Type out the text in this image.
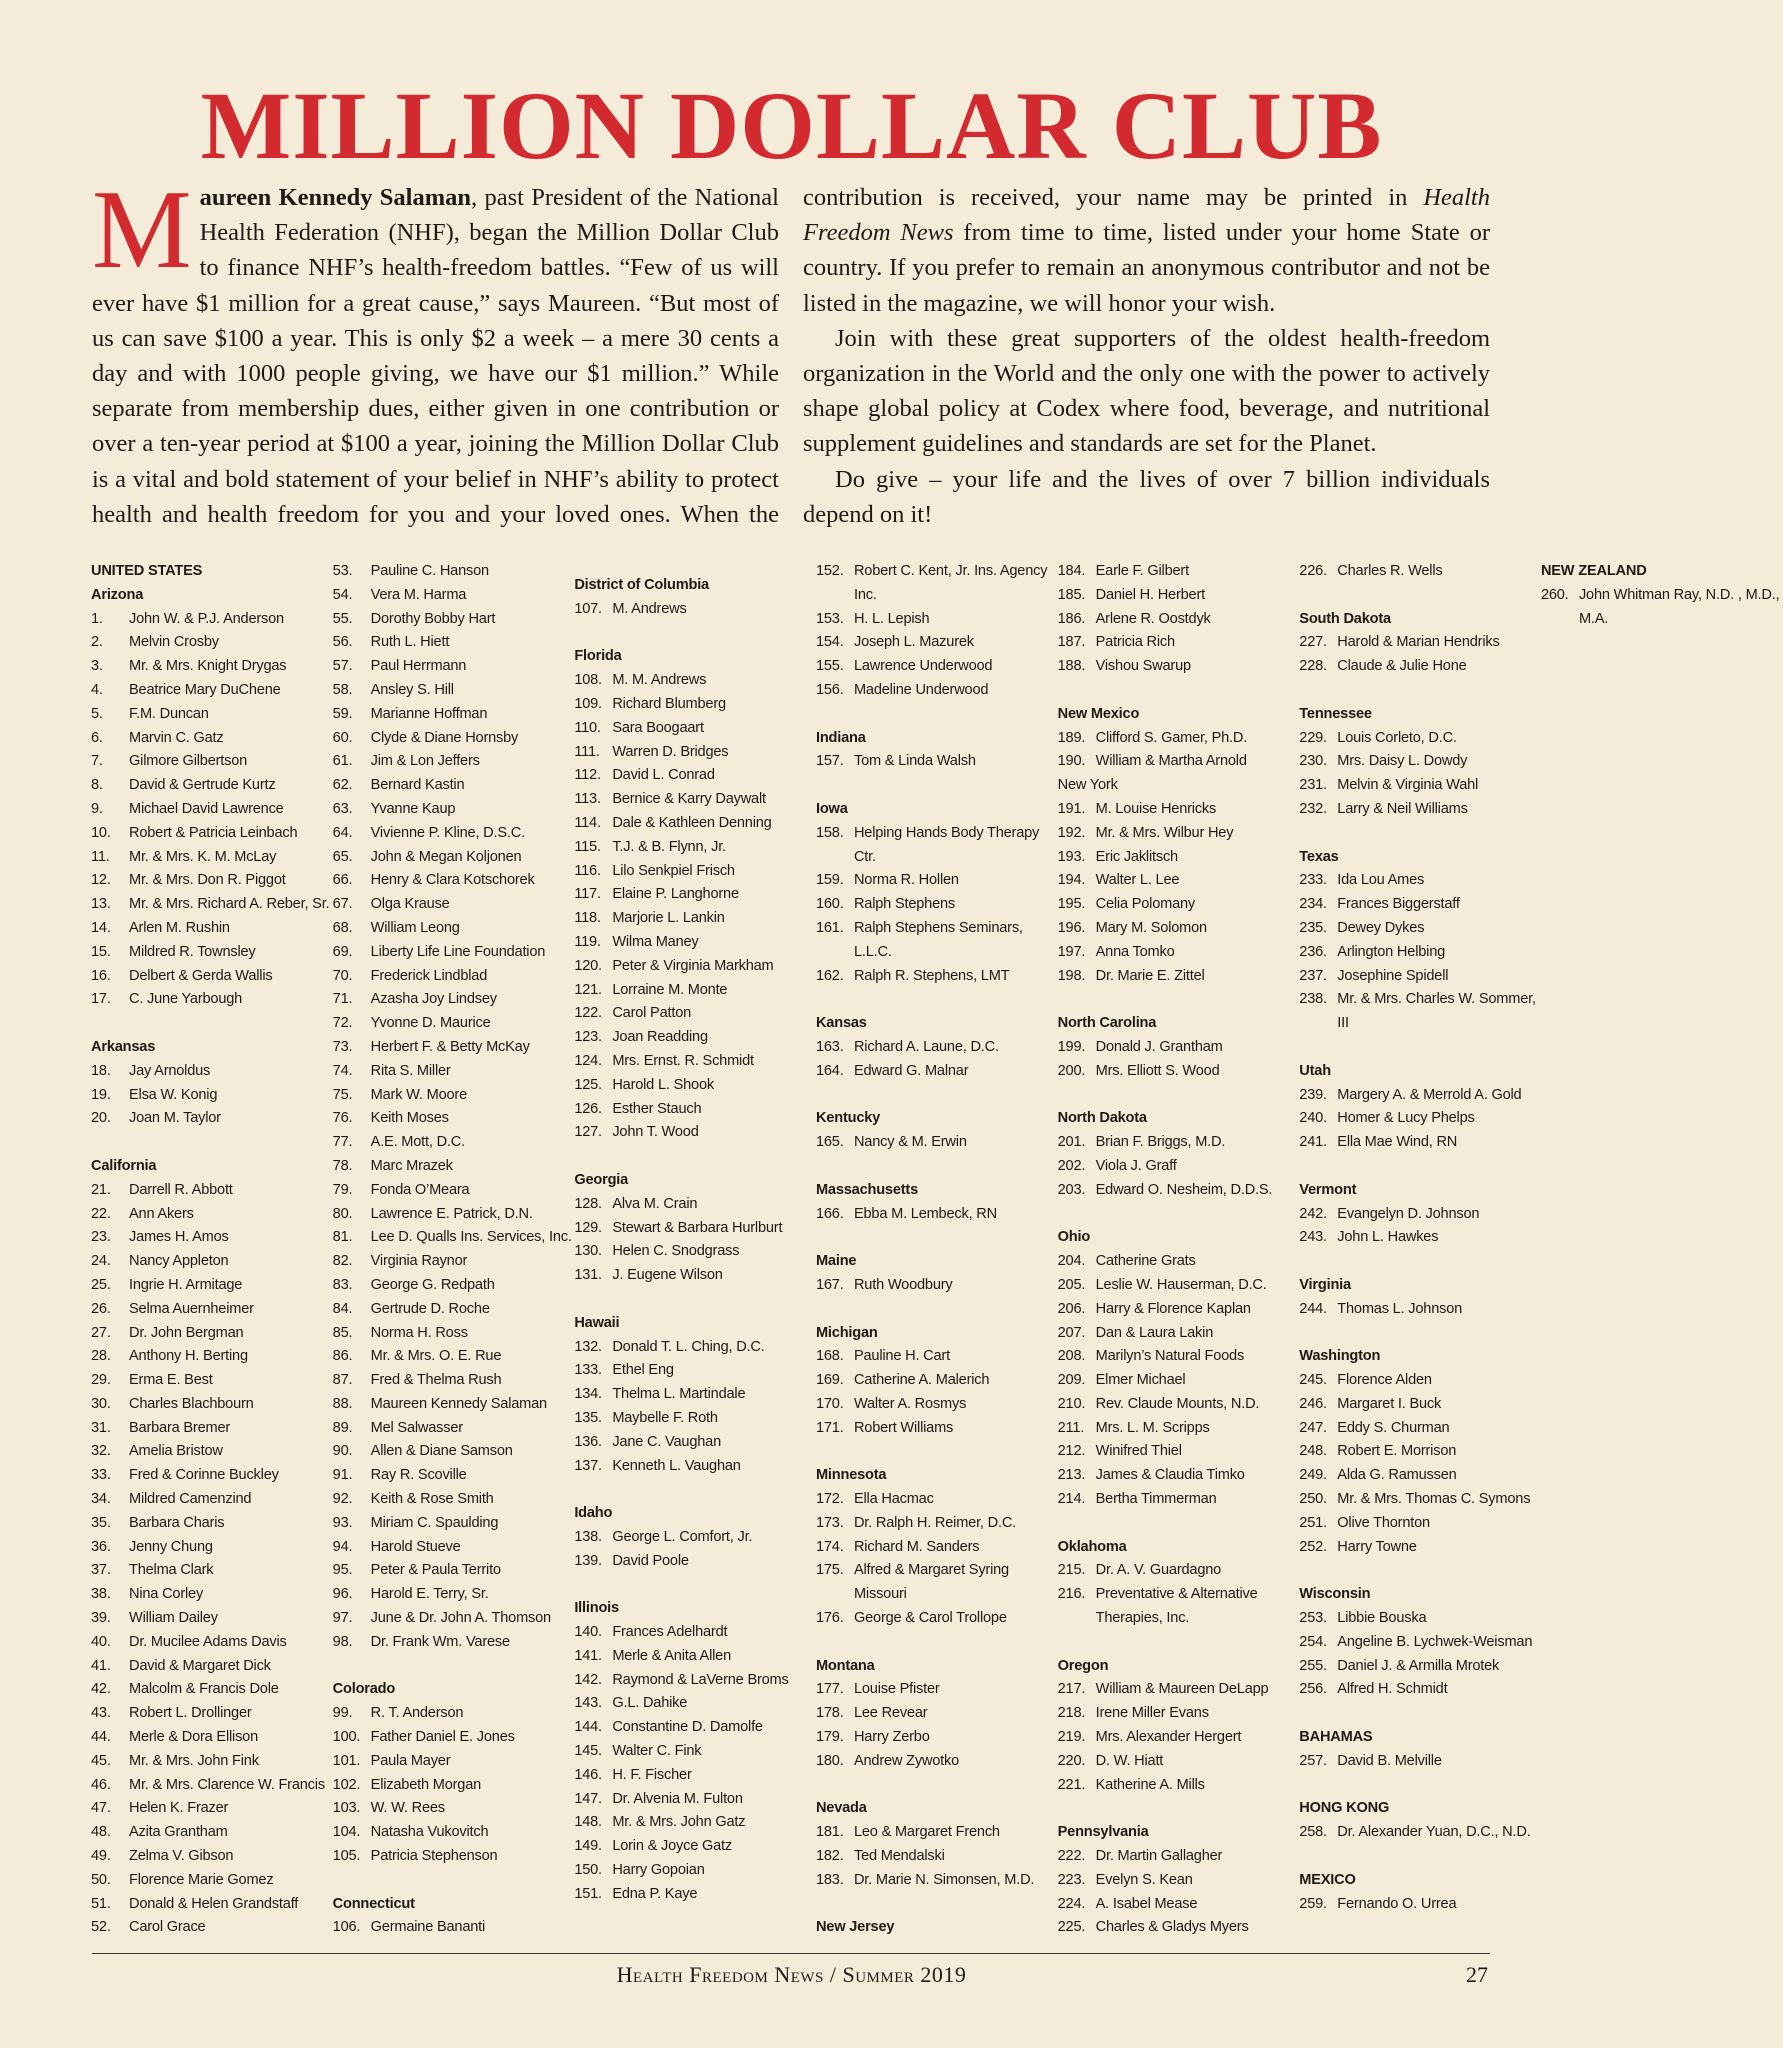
MILLION DOLLAR CLUB

Maureen Kennedy Salaman, past President of the National Health Federation (NHF), began the Million Dollar Club to finance NHF’s health-freedom battles. “Few of us will ever have $1 million for a great cause,” says Maureen. “But most of us can save $100 a year. This is only $2 a week – a mere 30 cents a day and with 1000 people giving, we have our $1 million.” While separate from membership dues, either given in one contribution or over a ten-year period at $100 a year, joining the Million Dollar Club is a vital and bold statement of your belief in NHF’s ability to protect health and health freedom for you and your loved ones. When the contribution is received, your name may be printed in Health Freedom News from time to time, listed under your home State or country. If you prefer to remain an anonymous contributor and not be listed in the magazine, we will honor your wish.

Join with these great supporters of the oldest health-freedom organization in the World and the only one with the power to actively shape global policy at Codex where food, beverage, and nutritional supplement guidelines and standards are set for the Planet.

Do give – your life and the lives of over 7 billion individuals depend on it!

UNITED STATES
Arizona
1.	John W. & P.J. Anderson
2.	Melvin Crosby
3.	Mr. & Mrs. Knight Drygas
4.	Beatrice Mary DuChene
5.	F.M. Duncan
6.	Marvin C. Gatz
7.	Gilmore Gilbertson
8.	David & Gertrude Kurtz
9.	Michael David Lawrence
10.	Robert & Patricia Leinbach
11.	Mr. & Mrs. K. M. McLay
12.	Mr. & Mrs. Don R. Piggot
13.	Mr. & Mrs. Richard A. Reber, Sr.
14.	Arlen M. Rushin
15.	Mildred R. Townsley
16.	Delbert & Gerda Wallis
17.	C. June Yarbough
Arkansas
18.	Jay Arnoldus
19.	Elsa W. Konig
20.	Joan M. Taylor
California
21.	Darrell R. Abbott
22.	Ann Akers
23.	James H. Amos
24.	Nancy Appleton
25.	Ingrie H. Armitage
26.	Selma Auernheimer
27.	Dr. John Bergman
28.	Anthony H. Berting
29.	Erma E. Best
30.	Charles Blachbourn
31.	Barbara Bremer
32.	Amelia Bristow
33.	Fred & Corinne Buckley
34.	Mildred Camenzind
35.	Barbara Charis
36.	Jenny Chung
37.	Thelma Clark
38.	Nina Corley
39.	William Dailey
40.	Dr. Mucilee Adams Davis
41.	David & Margaret Dick
42.	Malcolm & Francis Dole
43.	Robert L. Drollinger
44.	Merle & Dora Ellison
45.	Mr. & Mrs. John Fink
46.	Mr. & Mrs. Clarence W. Francis
47.	Helen K. Frazer
48.	Azita Grantham
49.	Zelma V. Gibson
50.	Florence Marie Gomez
51.	Donald & Helen Grandstaff
52.	Carol Grace
53.	Pauline C. Hanson
54.	Vera M. Harma
55.	Dorothy Bobby Hart
56.	Ruth L. Hiett
57.	Paul Herrmann
58.	Ansley S. Hill
59.	Marianne Hoffman
60.	Clyde & Diane Hornsby
61.	Jim & Lon Jeffers
62.	Bernard Kastin
63.	Yvanne Kaup
64.	Vivienne P. Kline, D.S.C.
65.	John & Megan Koljonen
66.	Henry & Clara Kotschorek
67.	Olga Krause
68.	William Leong
69.	Liberty Life Line Foundation
70.	Frederick Lindblad
71.	Azasha Joy Lindsey
72.	Yvonne D. Maurice
73.	Herbert F. & Betty McKay
74.	Rita S. Miller
75.	Mark W. Moore
76.	Keith Moses
77.	A.E. Mott, D.C.
78.	Marc Mrazek
79.	Fonda O’Meara
80.	Lawrence E. Patrick, D.N.
81.	Lee D. Qualls Ins. Services, Inc.
82.	Virginia Raynor
83.	George G. Redpath
84.	Gertrude D. Roche
85.	Norma H. Ross
86.	Mr. & Mrs. O. E. Rue
87.	Fred & Thelma Rush
88.	Maureen Kennedy Salaman
89.	Mel Salwasser
90.	Allen & Diane Samson
91.	Ray R. Scoville
92.	Keith & Rose Smith
93.	Miriam C. Spaulding
94.	Harold Stueve
95.	Peter & Paula Territo
96.	Harold E. Terry, Sr.
97.	June & Dr. John A. Thomson
98.	Dr. Frank Wm. Varese
Colorado
99.	R. T. Anderson
100. Father Daniel E. Jones
101. Paula Mayer
102. Elizabeth Morgan
103. W. W. Rees
104. Natasha Vukovitch
105. Patricia Stephenson
Connecticut
106. Germaine Bananti
District of Columbia
107. M. Andrews
Florida
108. M. M. Andrews
109. Richard Blumberg
110. Sara Boogaart
111. Warren D. Bridges
112. David L. Conrad
113. Bernice & Karry Daywalt
114. Dale & Kathleen Denning
115. T.J. & B. Flynn, Jr.
116. Lilo Senkpiel Frisch
117. Elaine P. Langhorne
118. Marjorie L. Lankin
119. Wilma Maney
120. Peter & Virginia Markham
121. Lorraine M. Monte
122. Carol Patton
123. Joan Readding
124. Mrs. Ernst. R. Schmidt
125. Harold L. Shook
126. Esther Stauch
127. John T. Wood
Georgia
128. Alva M. Crain
129. Stewart & Barbara Hurlburt
130. Helen C. Snodgrass
131. J. Eugene Wilson
Hawaii
132. Donald T. L. Ching, D.C.
133. Ethel Eng
134. Thelma L. Martindale
135. Maybelle F. Roth
136. Jane C. Vaughan
137. Kenneth L. Vaughan
Idaho
138. George L. Comfort, Jr.
139. David Poole
Illinois
140. Frances Adelhardt
141. Merle & Anita Allen
142. Raymond & LaVerne Broms
143. G.L. Dahike
144. Constantine D. Damolfe
145. Walter C. Fink
146. H. F. Fischer
147. Dr. Alvenia M. Fulton
148. Mr. & Mrs. John Gatz
149. Lorin & Joyce Gatz
150. Harry Gopoian
151. Edna P. Kaye
152. Robert C. Kent, Jr. Ins. Agency Inc.
153. H. L. Lepish
154. Joseph L. Mazurek
155. Lawrence Underwood
156. Madeline Underwood
Indiana
157. Tom & Linda Walsh
Iowa
158. Helping Hands Body Therapy Ctr.
159. Norma R. Hollen
160. Ralph Stephens
161. Ralph Stephens Seminars, L.L.C.
162. Ralph R. Stephens, LMT
Kansas
163. Richard A. Laune, D.C.
164. Edward G. Malnar
Kentucky
165. Nancy & M. Erwin
Massachusetts
166. Ebba M. Lembeck, RN
Maine
167. Ruth Woodbury
Michigan
168. Pauline H. Cart
169. Catherine A. Malerich
170. Walter A. Rosmys
171. Robert Williams
Minnesota
172. Ella Hacmac
173. Dr. Ralph H. Reimer, D.C.
174. Richard M. Sanders
175. Alfred & Margaret Syring Missouri
176. George & Carol Trollope
Montana
177. Louise Pfister
178. Lee Revear
179. Harry Zerbo
180. Andrew Zywotko
Nevada
181. Leo & Margaret French
182. Ted Mendalski
183. Dr. Marie N. Simonsen, M.D.
New Jersey
184. Earle F. Gilbert
185. Daniel H. Herbert
186. Arlene R. Oostdyk
187. Patricia Rich
188. Vishou Swarup
New Mexico
189. Clifford S. Gamer, Ph.D.
190. William & Martha Arnold
New York
191. M. Louise Henricks
192. Mr. & Mrs. Wilbur Hey
193. Eric Jaklitsch
194. Walter L. Lee
195. Celia Polomany
196. Mary M. Solomon
197. Anna Tomko
198. Dr. Marie E. Zittel
North Carolina
199. Donald J. Grantham
200. Mrs. Elliott S. Wood
North Dakota
201. Brian F. Briggs, M.D.
202. Viola J. Graff
203. Edward O. Nesheim, D.D.S.
Ohio
204. Catherine Grats
205. Leslie W. Hauserman, D.C.
206. Harry & Florence Kaplan
207. Dan & Laura Lakin
208. Marilyn’s Natural Foods
209. Elmer Michael
210. Rev. Claude Mounts, N.D.
211. Mrs. L. M. Scripps
212. Winifred Thiel
213. James & Claudia Timko
214. Bertha Timmerman
Oklahoma
215. Dr. A. V. Guardagno
216. Preventative & Alternative Therapies, Inc.
Oregon
217. William & Maureen DeLapp
218. Irene Miller Evans
219. Mrs. Alexander Hergert
220. D. W. Hiatt
221. Katherine A. Mills
Pennsylvania
222. Dr. Martin Gallagher
223. Evelyn S. Kean
224. A. Isabel Mease
225. Charles & Gladys Myers
226. Charles R. Wells
South Dakota
227. Harold & Marian Hendriks
228. Claude & Julie Hone
Tennessee
229. Louis Corleto, D.C.
230. Mrs. Daisy L. Dowdy
231. Melvin & Virginia Wahl
232. Larry & Neil Williams
Texas
233. Ida Lou Ames
234. Frances Biggerstaff
235. Dewey Dykes
236. Arlington Helbing
237. Josephine Spidell
238. Mr. & Mrs. Charles W. Sommer, III
Utah
239. Margery A. & Merrold A. Gold
240. Homer & Lucy Phelps
241. Ella Mae Wind, RN
Vermont
242. Evangelyn D. Johnson
243. John L. Hawkes
Virginia
244. Thomas L. Johnson
Washington
245. Florence Alden
246. Margaret I. Buck
247. Eddy S. Churman
248. Robert E. Morrison
249. Alda G. Ramussen
250. Mr. & Mrs. Thomas C. Symons
251. Olive Thornton
252. Harry Towne
Wisconsin
253. Libbie Bouska
254. Angeline B. Lychwek-Weisman
255. Daniel J. & Armilla Mrotek
256. Alfred H. Schmidt
BAHAMAS
257. David B. Melville
HONG KONG
258. Dr. Alexander Yuan, D.C., N.D.
MEXICO
259. Fernando O. Urrea
NEW ZEALAND
260. John Whitman Ray, N.D. , M.D., M.A.
Health Freedom News / Summer 2019	27
